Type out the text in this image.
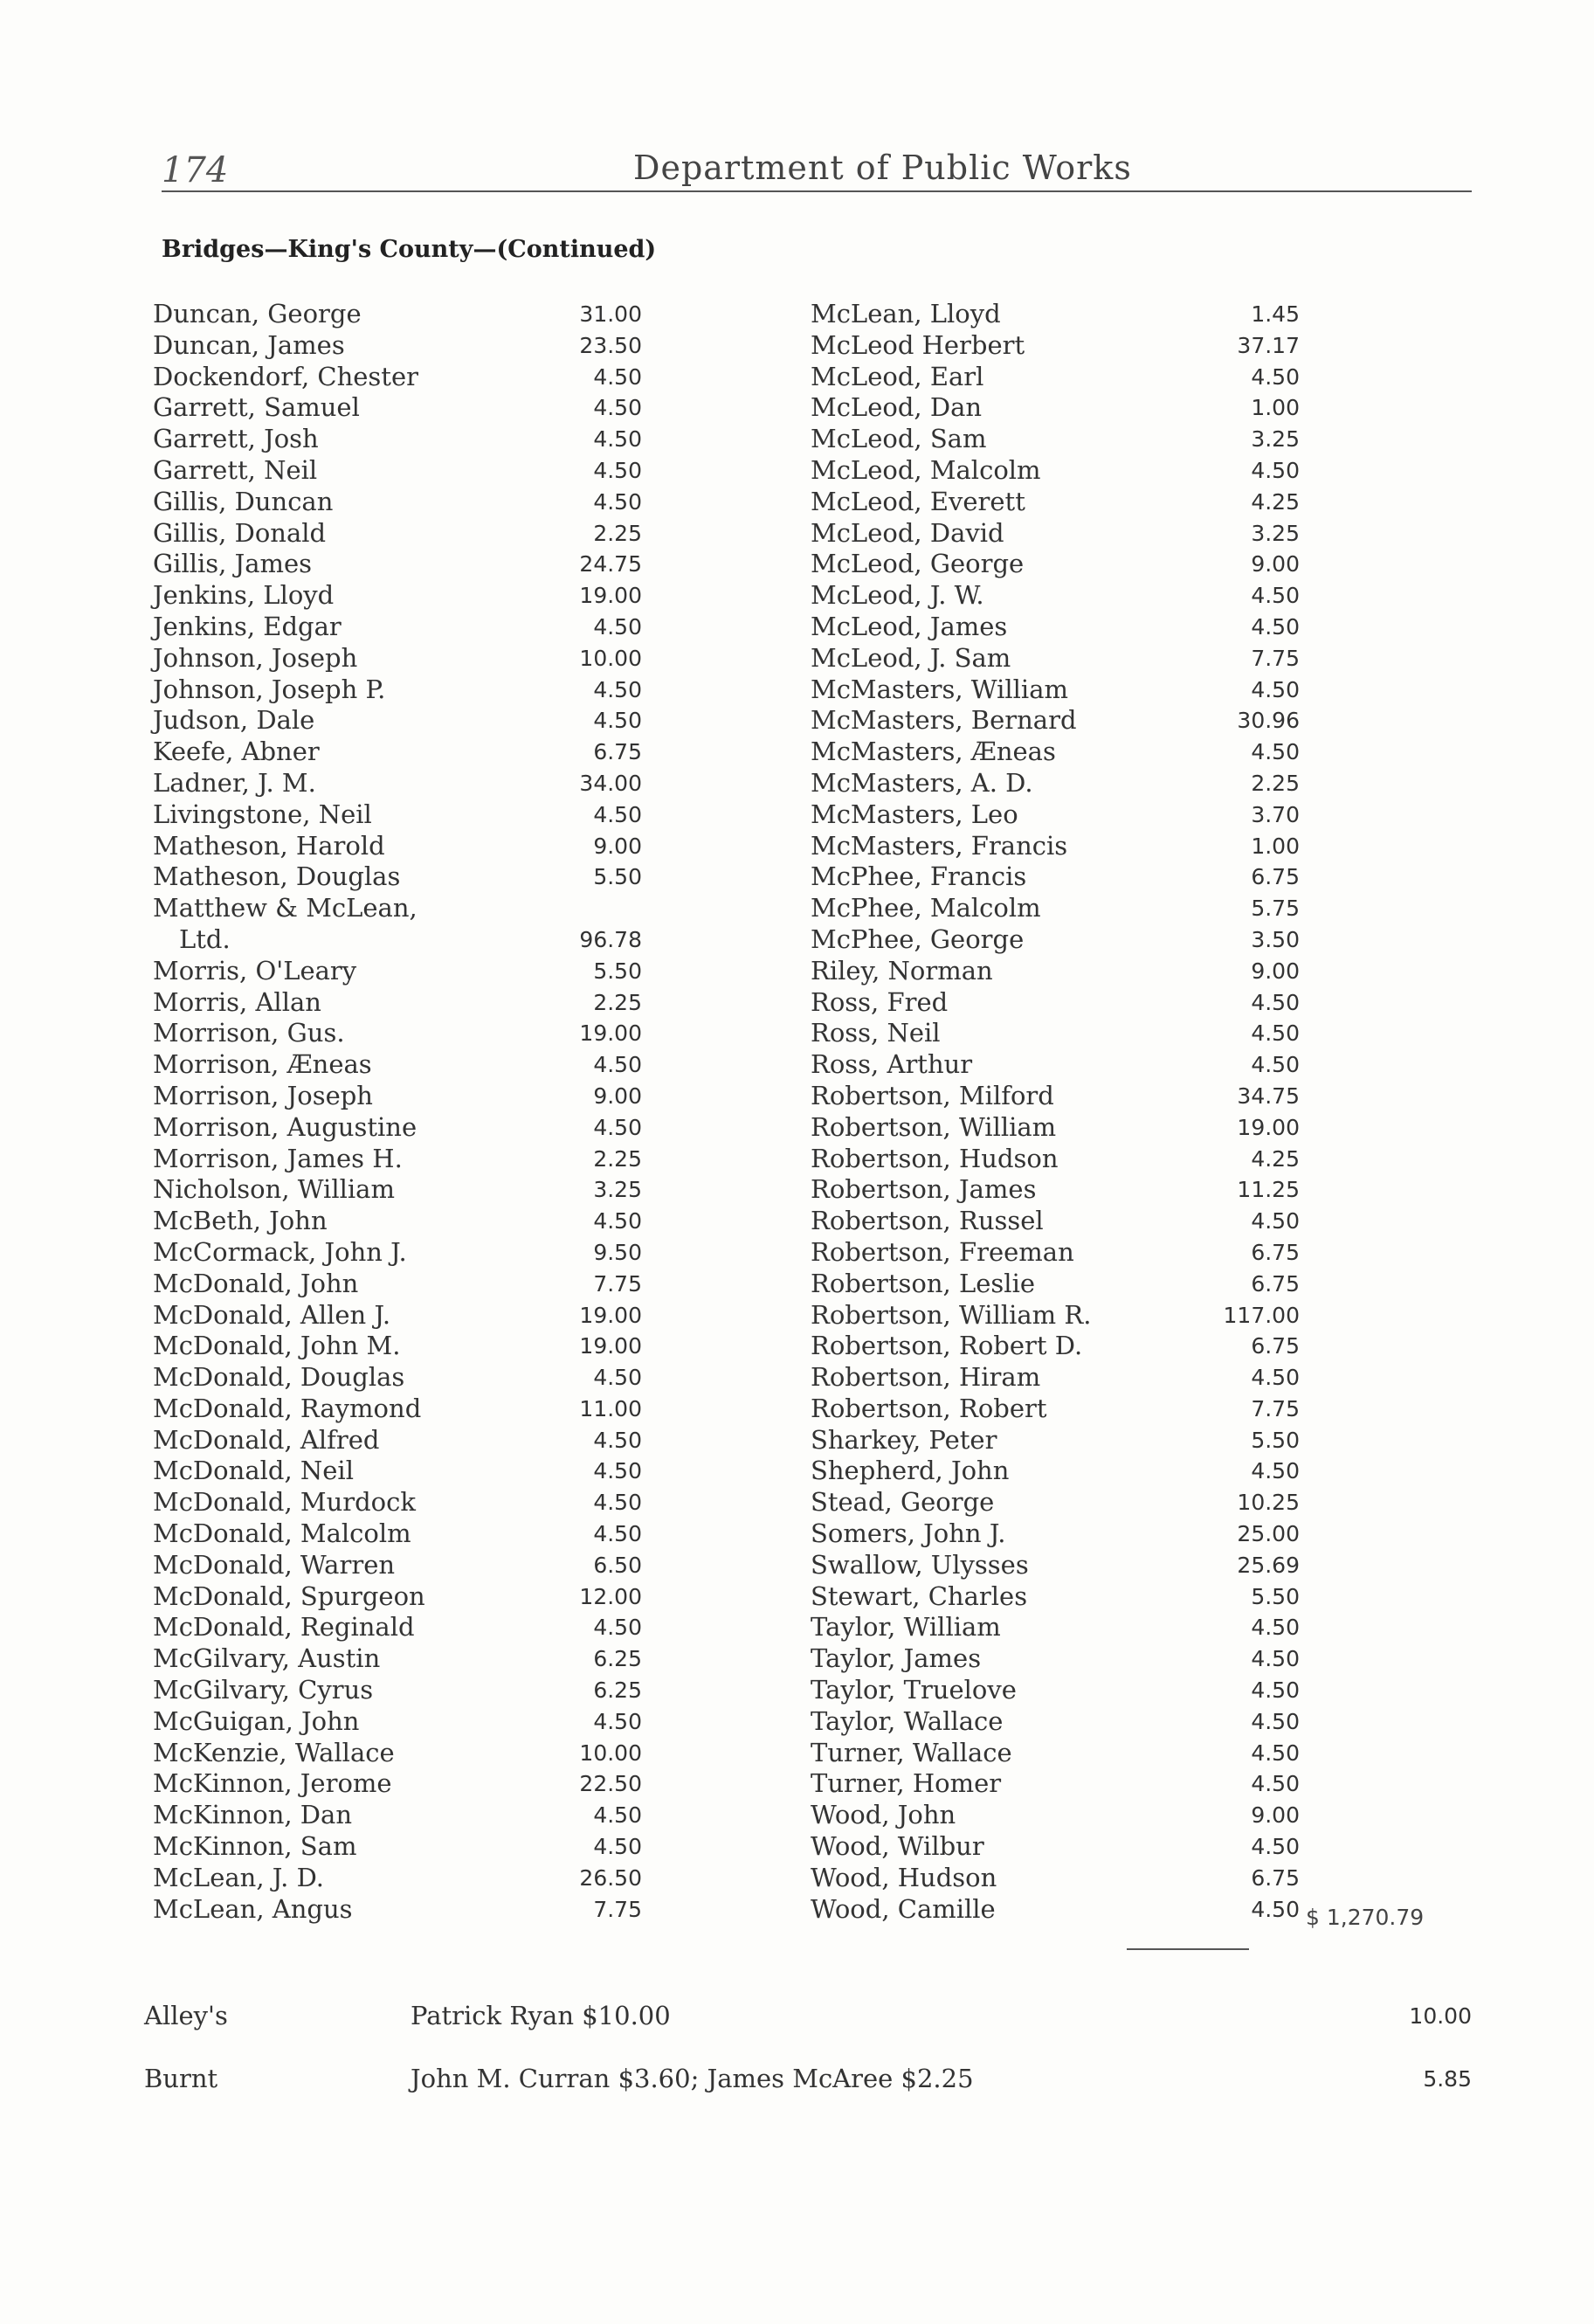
174	Department of Public Works
Bridges—King's County—(Continued)
Duncan, George	31.00
Duncan, James	23.50
Dockendorf, Chester	4.50
Garrett, Samuel	4.50
Garrett, Josh	4.50
Garrett, Neil	4.50
Gillis, Duncan	4.50
Gillis, Donald	2.25
Gillis, James	24.75
Jenkins, Lloyd	19.00
Jenkins, Edgar	4.50
Johnson, Joseph	10.00
Johnson, Joseph P.	4.50
Judson, Dale	4.50
Keefe, Abner	6.75
Ladner, J. M.	34.00
Livingstone, Neil	4.50
Matheson, Harold	9.00
Matheson, Douglas	5.50
Matthew & McLean,
Ltd.	96.78
Morris, O'Leary	5.50
Morris, Allan	2.25
Morrison, Gus.	19.00
Morrison, Æneas	4.50
Morrison, Joseph	9.00
Morrison, Augustine	4.50
Morrison, James H.	2.25
Nicholson, William	3.25
McBeth, John	4.50
McCormack, John J.	9.50
McDonald, John	7.75
McDonald, Allen J.	19.00
McDonald, John M.	19.00
McDonald, Douglas	4.50
McDonald, Raymond	11.00
McDonald, Alfred	4.50
McDonald, Neil	4.50
McDonald, Murdock	4.50
McDonald, Malcolm	4.50
McDonald, Warren	6.50
McDonald, Spurgeon	12.00
McDonald, Reginald	4.50
McGilvary, Austin	6.25
McGilvary, Cyrus	6.25
McGuigan, John	4.50
McKenzie, Wallace	10.00
McKinnon, Jerome	22.50
McKinnon, Dan	4.50
McKinnon, Sam	4.50
McLean, J. D.	26.50
McLean, Angus	7.75
McLean, Lloyd	1.45
McLeod Herbert	37.17
McLeod, Earl	4.50
McLeod, Dan	1.00
McLeod, Sam	3.25
McLeod, Malcolm	4.50
McLeod, Everett	4.25
McLeod, David	3.25
McLeod, George	9.00
McLeod, J. W.	4.50
McLeod, James	4.50
McLeod, J. Sam	7.75
McMasters, William	4.50
McMasters, Bernard	30.96
McMasters, Æneas	4.50
McMasters, A. D.	2.25
McMasters, Leo	3.70
McMasters, Francis	1.00
McPhee, Francis	6.75
McPhee, Malcolm	5.75
McPhee, George	3.50
Riley, Norman	9.00
Ross, Fred	4.50
Ross, Neil	4.50
Ross, Arthur	4.50
Robertson, Milford	34.75
Robertson, William	19.00
Robertson, Hudson	4.25
Robertson, James	11.25
Robertson, Russel	4.50
Robertson, Freeman	6.75
Robertson, Leslie	6.75
Robertson, William R.	117.00
Robertson, Robert D.	6.75
Robertson, Hiram	4.50
Robertson, Robert	7.75
Sharkey, Peter	5.50
Shepherd, John	4.50
Stead, George	10.25
Somers, John J.	25.00
Swallow, Ulysses	25.69
Stewart, Charles	5.50
Taylor, William	4.50
Taylor, James	4.50
Taylor, Truelove	4.50
Taylor, Wallace	4.50
Turner, Wallace	4.50
Turner, Homer	4.50
Wood, John	9.00
Wood, Wilbur	4.50
Wood, Hudson	6.75
Wood, Camille	4.50 $ 1,270.79
Alley's	Patrick Ryan $10.00	10.00
Burnt	John M. Curran $3.60; James McAree $2.25	5.85
